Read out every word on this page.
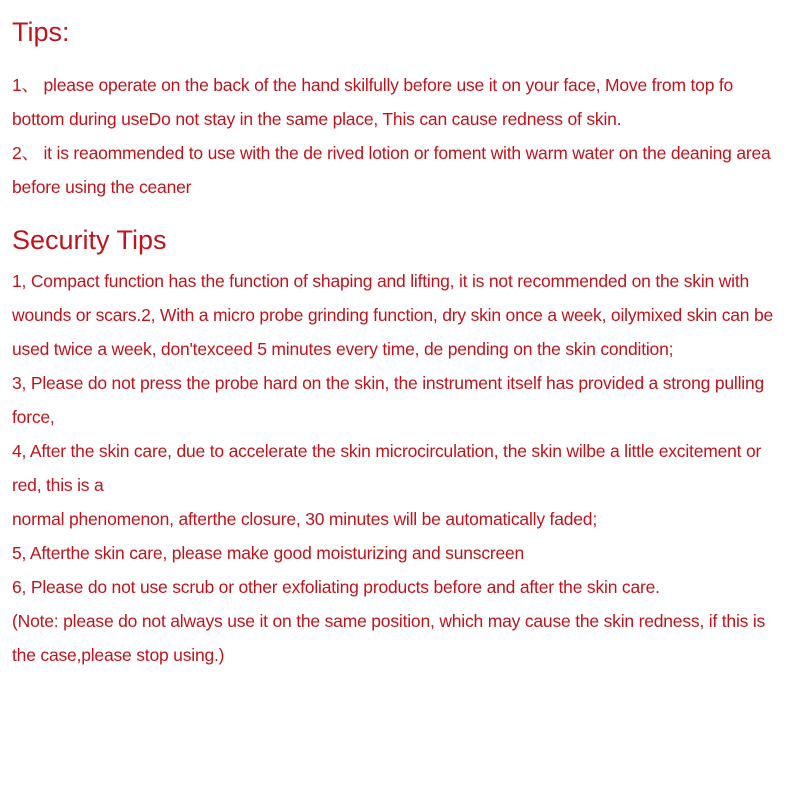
Tips:

1、 please operate on the back of the hand skilfully before use it on your face, Move from top fo bottom during useDo not stay in the same place, This can cause redness of skin.

2、 it is reaommended to use with the de rived lotion or foment with warm water on the deaning area before using the ceaner

Security Tips

1, Compact function has the function of shaping and lifting, it is not recommended on the skin with wounds or scars.2, With a micro probe grinding function, dry skin once a week, oilymixed skin can be used twice a week, don'texceed 5 minutes every time, de pending on the skin condition;

3, Please do not press the probe hard on the skin, the instrument itself has provided a strong pulling force,

4, After the skin care, due to accelerate the skin microcirculation, the skin wilbe a little excitement or red, this is a

normal phenomenon, afterthe closure, 30 minutes will be automatically faded;

5, Afterthe skin care, please make good moisturizing and sunscreen

6, Please do not use scrub or other exfoliating products before and after the skin care.

(Note: please do not always use it on the same position, which may cause the skin redness, if this is the case,please stop using.)
